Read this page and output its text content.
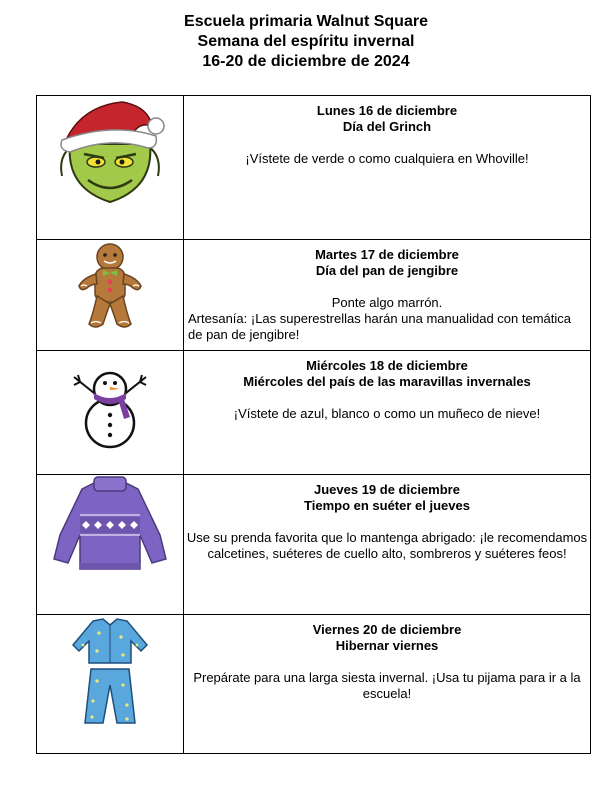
Escuela primaria Walnut Square
Semana del espíritu invernal
16-20 de diciembre de 2024

Lunes 16 de diciembre
Día del Grinch
¡Vístete de verde o como cualquiera en Whoville!

Martes 17 de diciembre
Día del pan de jengibre
Ponte algo marrón.
Artesanía: ¡Las superestrellas harán una manualidad con temática de pan de jengibre!

Miércoles 18 de diciembre
Miércoles del país de las maravillas invernales
¡Vístete de azul, blanco o como un muñeco de nieve!

Jueves 19 de diciembre
Tiempo en suéter el jueves
Use su prenda favorita que lo mantenga abrigado: ¡le recomendamos calcetines, suéteres de cuello alto, sombreros y suéteres feos!

Viernes 20 de diciembre
Hibernar viernes
Prepárate para una larga siesta invernal. ¡Usa tu pijama para ir a la escuela!
